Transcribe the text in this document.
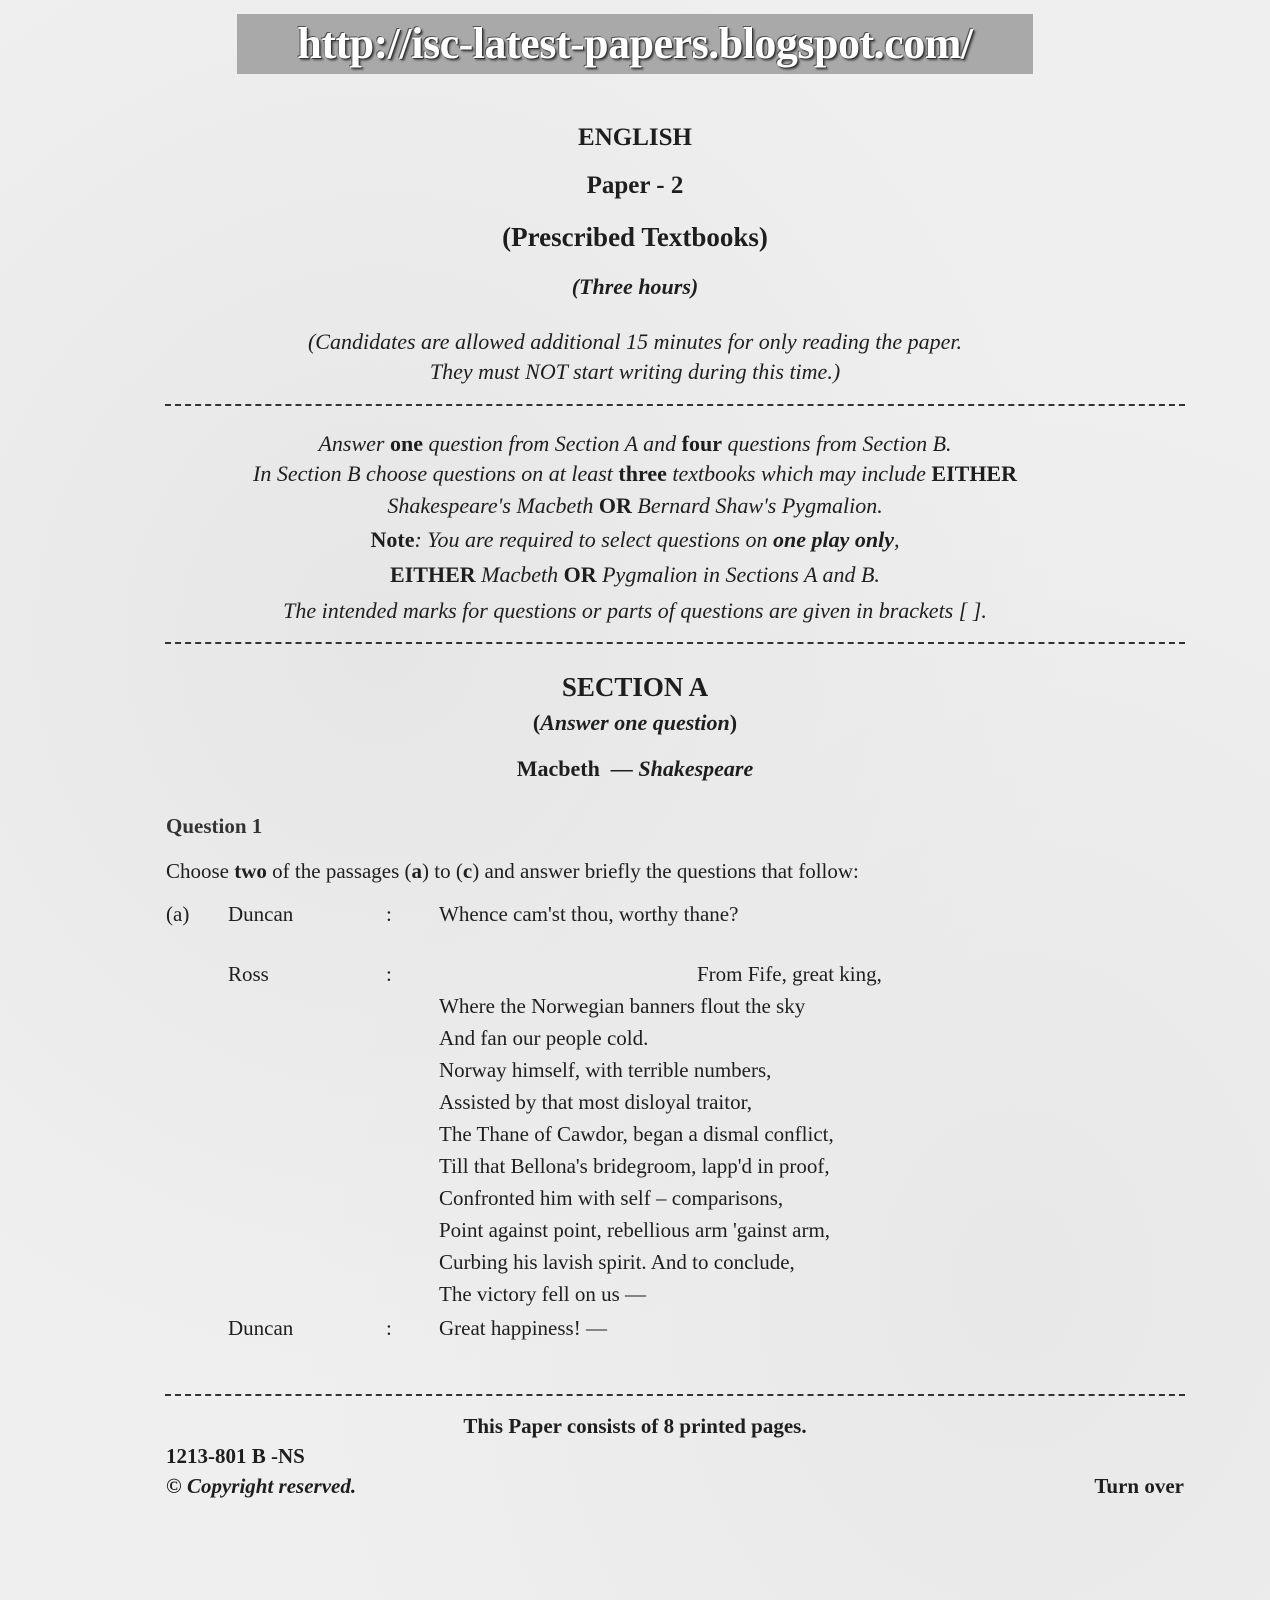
http://isc-latest-papers.blogspot.com/
ENGLISH
Paper - 2
(Prescribed Textbooks)
(Three hours)
(Candidates are allowed additional 15 minutes for only reading the paper.
They must NOT start writing during this time.)
Answer one question from Section A and four questions from Section B.
In Section B choose questions on at least three textbooks which may include EITHER
Shakespeare's Macbeth OR Bernard Shaw's Pygmalion.
Note: You are required to select questions on one play only,
EITHER Macbeth OR Pygmalion in Sections A and B.
The intended marks for questions or parts of questions are given in brackets [ ].
SECTION A
(Answer one question)
Macbeth — Shakespeare
Question 1
Choose two of the passages (a) to (c) and answer briefly the questions that follow:
(a) Duncan	: Whence cam'st thou, worthy thane?
Ross	:	From Fife, great king,
Where the Norwegian banners flout the sky
And fan our people cold.
Norway himself, with terrible numbers,
Assisted by that most disloyal traitor,
The Thane of Cawdor, began a dismal conflict,
Till that Bellona's bridegroom, lapp'd in proof,
Confronted him with self – comparisons,
Point against point, rebellious arm 'gainst arm,
Curbing his lavish spirit. And to conclude,
The victory fell on us —
Duncan	: Great happiness! —
This Paper consists of 8 printed pages.
1213-801 B -NS
© Copyright reserved.	Turn over
